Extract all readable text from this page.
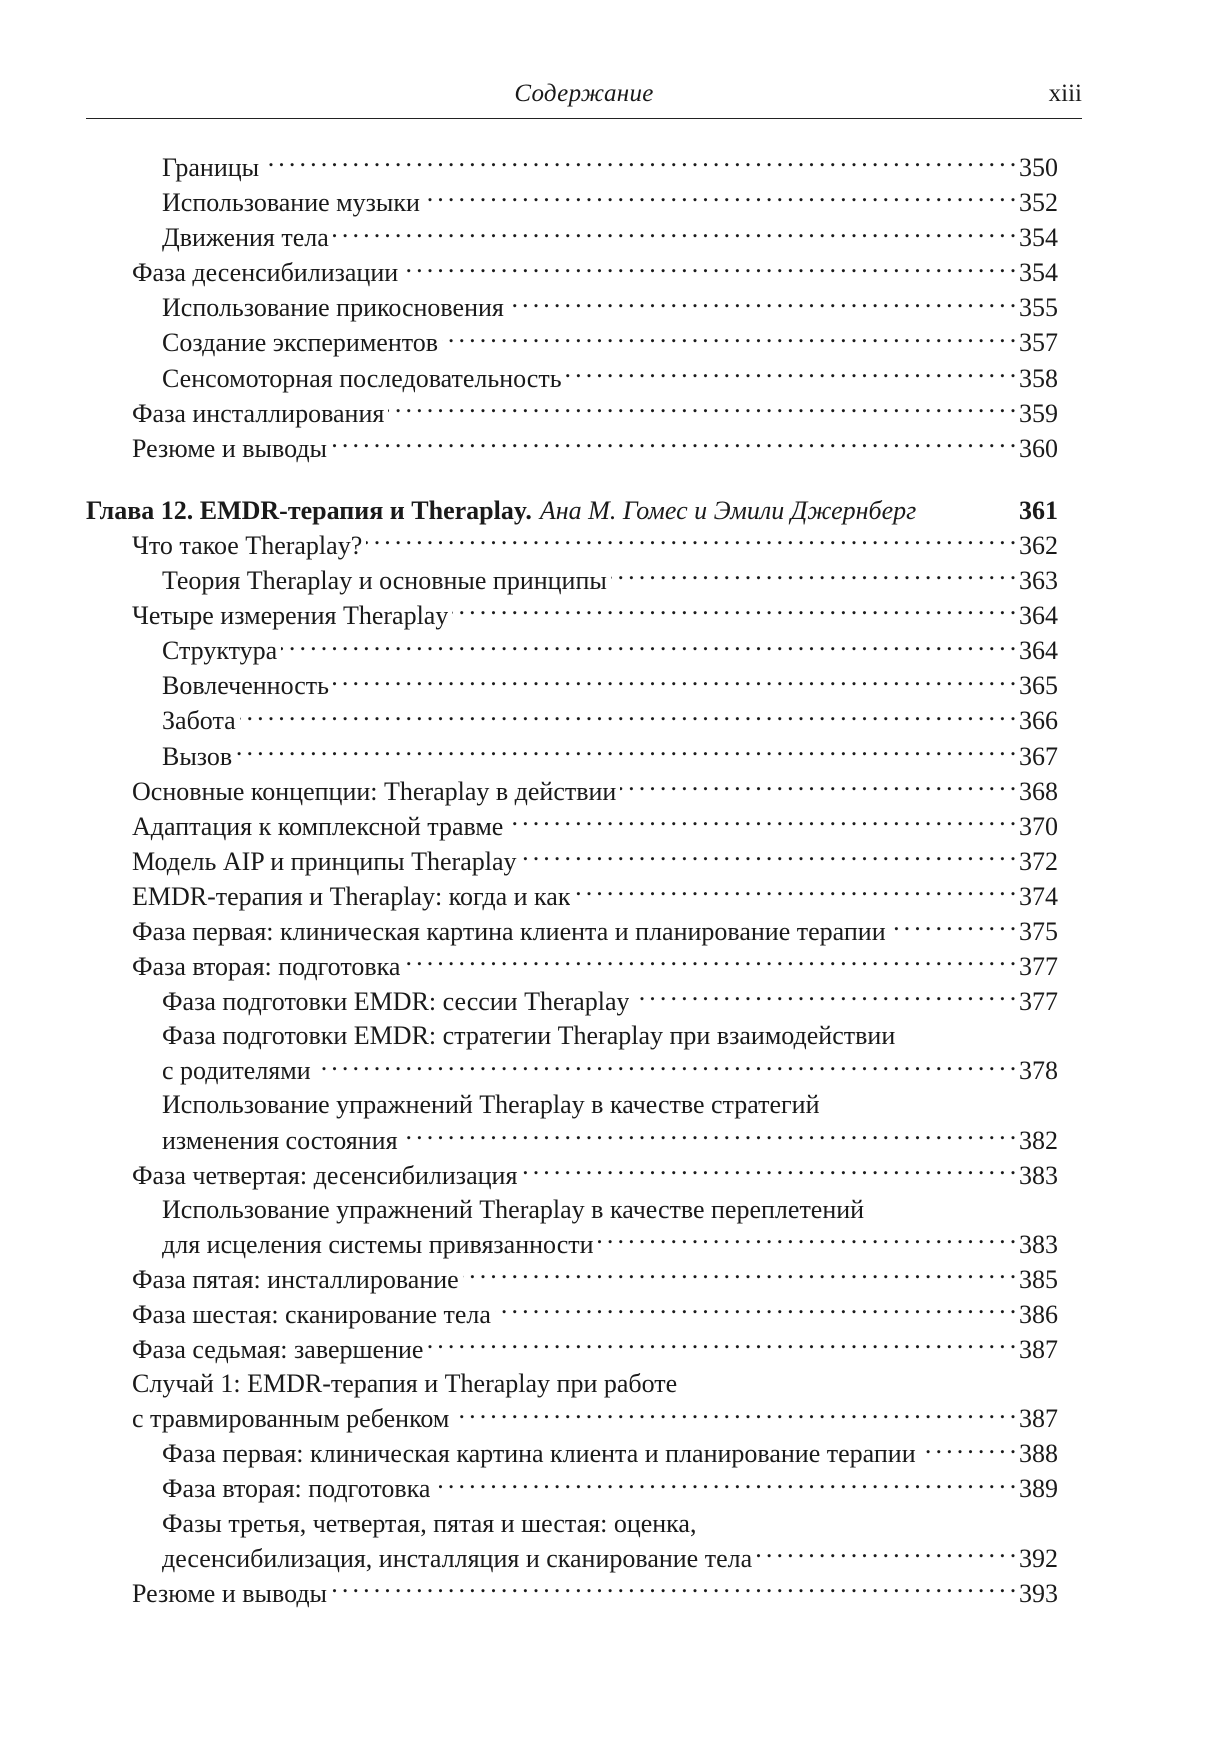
Содержание	xiii
Границы . . .	350
Использование музыки . . .	352
Движения тела . . .	354
Фаза десенсибилизации . . .	354
Использование прикосновения . . .	355
Создание экспериментов . . .	357
Сенсомоторная последовательность . . .	358
Фаза инсталлирования . . .	359
Резюме и выводы . . .	360
Глава 12. EMDR-терапия и Theraplay. Ана М. Гомес и Эмили Джернберг	361
Что такое Theraplay? . . .	362
Теория Theraplay и основные принципы . . .	363
Четыре измерения Theraplay . . .	364
Структура . . .	364
Вовлеченность . . .	365
Забота . . .	366
Вызов . . .	367
Основные концепции: Theraplay в действии . . .	368
Адаптация к комплексной травме . . .	370
Модель AIP и принципы Theraplay . . .	372
EMDR-терапия и Theraplay: когда и как . . .	374
Фаза первая: клиническая картина клиента и планирование терапии . . .	375
Фаза вторая: подготовка . . .	377
Фаза подготовки EMDR: сессии Theraplay . . .	377
Фаза подготовки EMDR: стратегии Theraplay при взаимодействии
с родителями . . .	378
Использование упражнений Theraplay в качестве стратегий
изменения состояния . . .	382
Фаза четвертая: десенсибилизация . . .	383
Использование упражнений Theraplay в качестве переплетений
для исцеления системы привязанности . . .	383
Фаза пятая: инсталлирование . . .	385
Фаза шестая: сканирование тела . . .	386
Фаза седьмая: завершение . . .	387
Случай 1: EMDR-терапия и Theraplay при работе
с травмированным ребенком . . .	387
Фаза первая: клиническая картина клиента и планирование терапии . . .	388
Фаза вторая: подготовка . . .	389
Фазы третья, четвертая, пятая и шестая: оценка,
десенсибилизация, инсталляция и сканирование тела . . .	392
Резюме и выводы . . .	393
